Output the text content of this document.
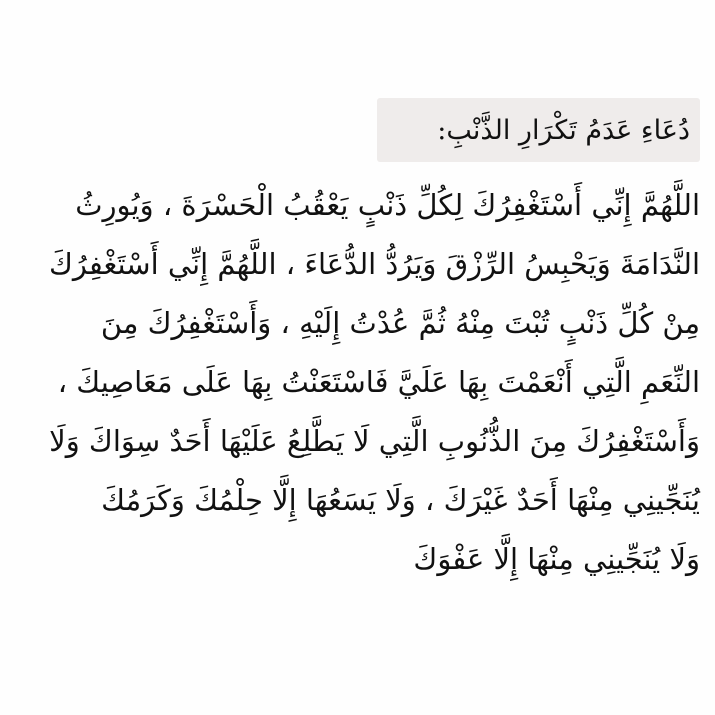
دُعَاءِ عَدَمُ تَكْرَارِ الذَّنْبِ:
اللَّهُمَّ إِنِّي أَسْتَغْفِرُكَ لِكُلِّ ذَنْبٍ يَعْقُبُ الْحَسْرَةَ ، وَيُورِثُ
النَّدَامَةَ وَيَحْبِسُ الرِّزْقَ وَيَرُدُّ الدُّعَاءَ ، اللَّهُمَّ إِنِّي أَسْتَغْفِرُكَ
مِنْ كُلِّ ذَنْبٍ تُبْتَ مِنْهُ ثُمَّ عُدْتُ إِلَيْهِ ، وَأَسْتَغْفِرُكَ مِنَ
النِّعَمِ الَّتِي أَنْعَمْتَ بِهَا عَلَيَّ فَاسْتَعَنْتُ بِهَا عَلَى مَعَاصِيكَ ،
وَأَسْتَغْفِرُكَ مِنَ الذُّنُوبِ الَّتِي لَا يَطَّلِعُ عَلَيْهَا أَحَدٌ سِوَاكَ وَلَا
يُنَجِّينِي مِنْهَا أَحَدٌ غَيْرَكَ ، وَلَا يَسَعُهَا إِلَّا حِلْمُكَ وَكَرَمُكَ
وَلَا يُنَجِّينِي مِنْهَا إِلَّا عَفْوَكَ
